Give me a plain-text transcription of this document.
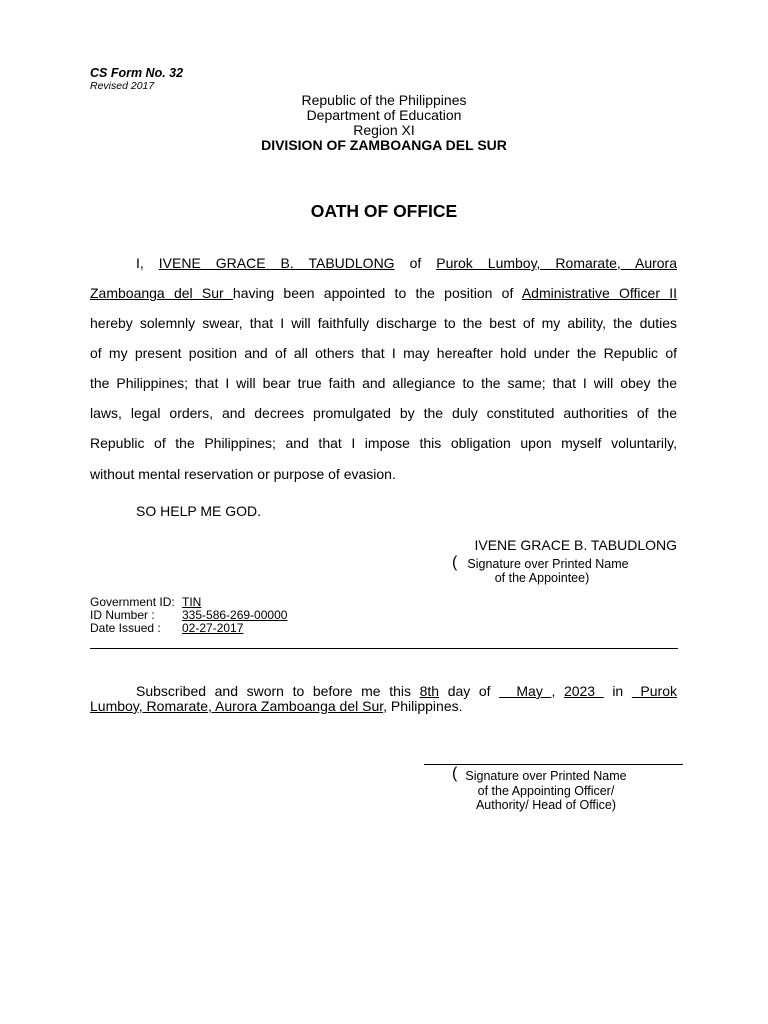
CS Form No. 32
Revised 2017
Republic of the Philippines
Department of Education
Region XI
DIVISION OF ZAMBOANGA DEL SUR
OATH OF OFFICE
I, IVENE GRACE B. TABUDLONG of Purok Lumboy, Romarate, Aurora
Zamboanga del Sur having been appointed to the position of Administrative Officer II
hereby solemnly swear, that I will faithfully discharge to the best of my ability, the duties
of my present position and of all others that I may hereafter hold under the Republic of
the Philippines; that I will bear true faith and allegiance to the same; that I will obey the
laws, legal orders, and decrees promulgated by the duly constituted authorities of the
Republic of the Philippines; and that I impose this obligation upon myself voluntarily,
without mental reservation or purpose of evasion.
SO HELP ME GOD.
IVENE GRACE B. TABUDLONG
( Signature over Printed Name
of the Appointee)
Government ID: TIN
ID Number : 335-586-269-00000
Date Issued : 02-27-2017
Subscribed and sworn to before me this 8th day of   May , 2023  in  Purok
Lumboy, Romarate, Aurora Zamboanga del Sur, Philippines.
( Signature over Printed Name
of the Appointing Officer/
Authority/ Head of Office)
